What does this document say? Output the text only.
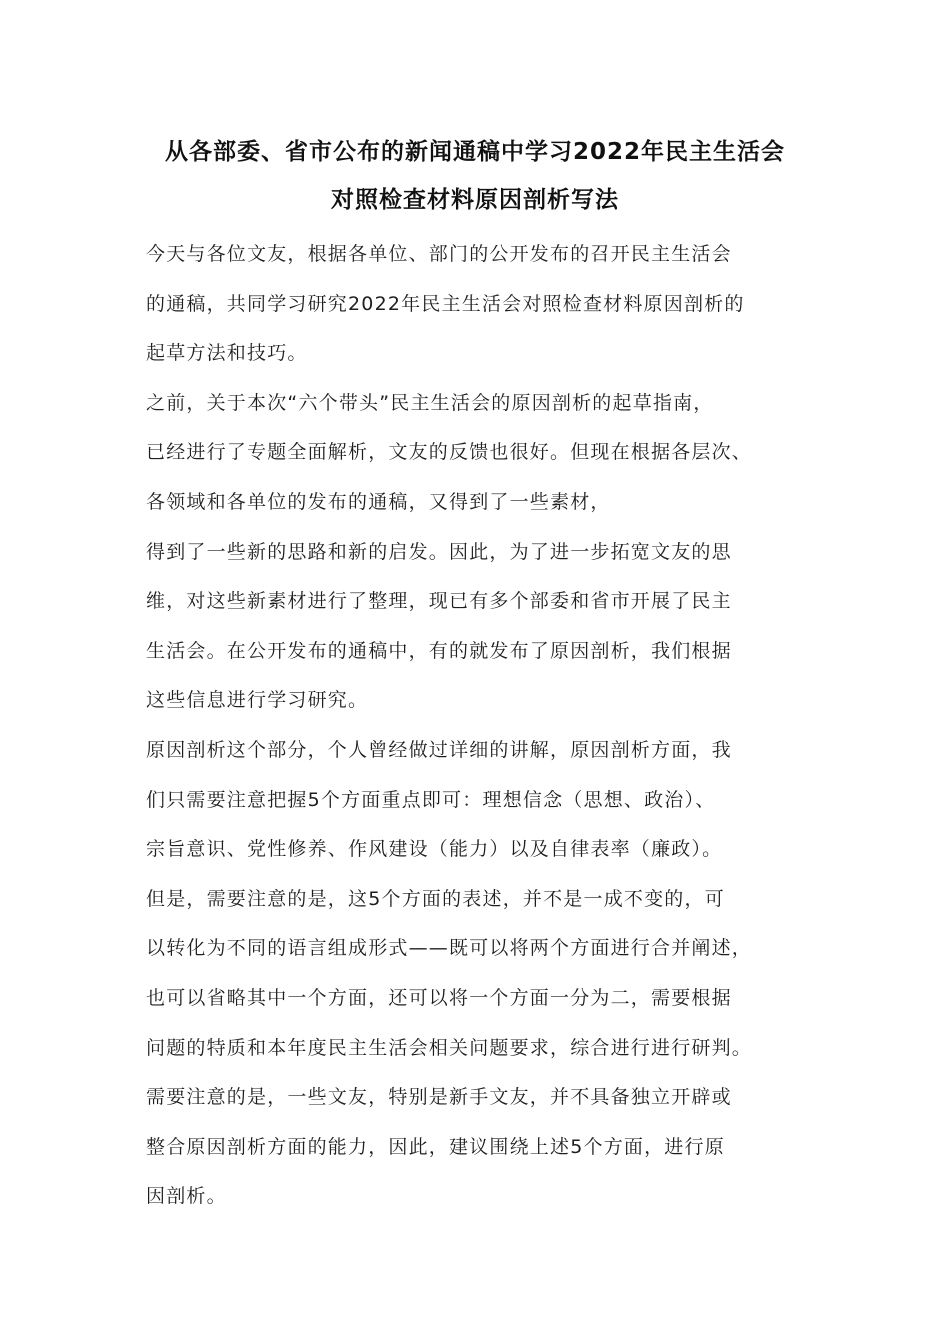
从各部委、省市公布的新闻通稿中学习2022年民主生活会
对照检查材料原因剖析写法
今天与各位文友，根据各单位、部门的公开发布的召开民主生活会
的通稿，共同学习研究2022年民主生活会对照检查材料原因剖析的
起草方法和技巧。
之前，关于本次“六个带头”民主生活会的原因剖析的起草指南，
已经进行了专题全面解析，文友的反馈也很好。但现在根据各层次、
各领域和各单位的发布的通稿，又得到了一些素材，
得到了一些新的思路和新的启发。因此，为了进一步拓宽文友的思
维，对这些新素材进行了整理，现已有多个部委和省市开展了民主
生活会。在公开发布的通稿中，有的就发布了原因剖析，我们根据
这些信息进行学习研究。
原因剖析这个部分，个人曾经做过详细的讲解，原因剖析方面，我
们只需要注意把握5个方面重点即可：理想信念（思想、政治）、
宗旨意识、党性修养、作风建设（能力）以及自律表率（廉政）。
但是，需要注意的是，这5个方面的表述，并不是一成不变的，可
以转化为不同的语言组成形式——既可以将两个方面进行合并阐述，
也可以省略其中一个方面，还可以将一个方面一分为二，需要根据
问题的特质和本年度民主生活会相关问题要求，综合进行进行研判。
需要注意的是，一些文友，特别是新手文友，并不具备独立开辟或
整合原因剖析方面的能力，因此，建议围绕上述5个方面，进行原
因剖析。
